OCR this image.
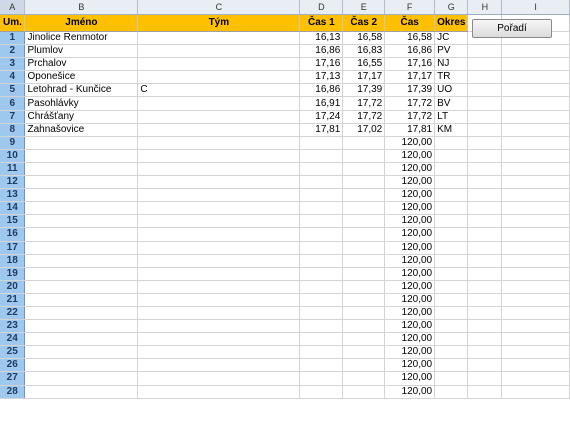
A	B	C	D	E	F	G	H	I
Um.	Jméno	Tým	Čas 1	Čas 2	Čas	Okres		
1	Jinolice Renmotor		16,13	16,58	16,58	JC		
2	Plumlov		16,86	16,83	16,86	PV		
3	Prchalov		17,16	16,55	17,16	NJ		
4	Oponešice		17,13	17,17	17,17	TR		
5	Letohrad - Kunčice	C	16,86	17,39	17,39	UO		
6	Pasohlávky		16,91	17,72	17,72	BV		
7	Chrášťany		17,24	17,72	17,72	LT		
8	Zahnašovice		17,81	17,02	17,81	KM		
9					120,00			
10					120,00			
11					120,00			
12					120,00			
13					120,00			
14					120,00			
15					120,00			
16					120,00			
17					120,00			
18					120,00			
19					120,00			
20					120,00			
21					120,00			
22					120,00			
23					120,00			
24					120,00			
25					120,00			
26					120,00			
27					120,00			
28					120,00			
Pořadí
